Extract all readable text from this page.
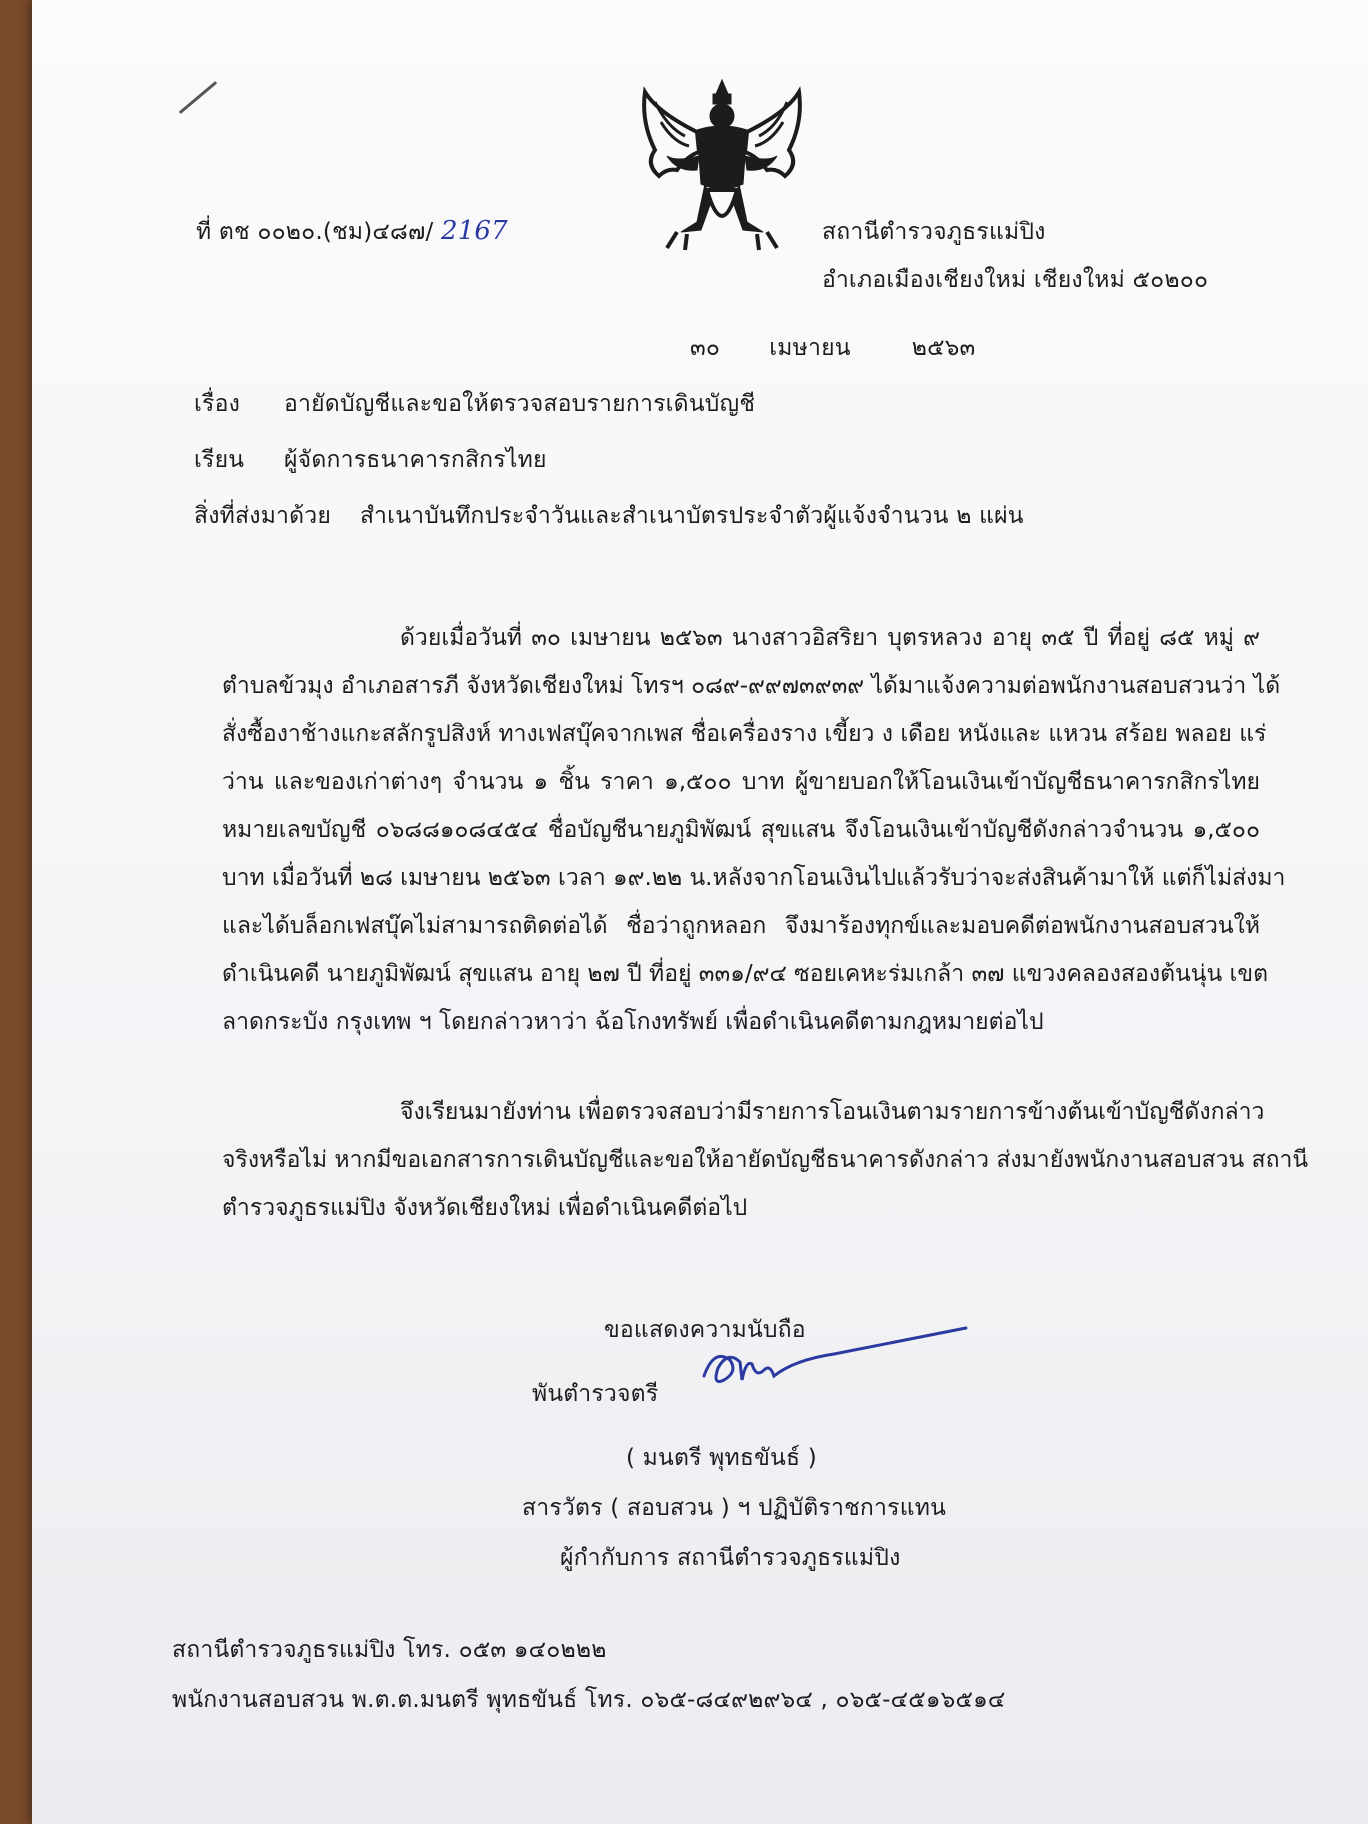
ที่ ตช ๐๐๒๐.(ชม)๔๘๗/ 2167	สถานีตำรวจภูธรแม่ปิง
อำเภอเมืองเชียงใหม่ เชียงใหม่ ๕๐๒๐๐
๓๐ เมษายน	๒๕๖๓
เรื่อง อายัดบัญชีและขอให้ตรวจสอบรายการเดินบัญชี
เรียน ผู้จัดการธนาคารกสิกรไทย
สิ่งที่ส่งมาด้วย สำเนาบันทึกประจำวันและสำเนาบัตรประจำตัวผู้แจ้งจำนวน ๒ แผ่น
ด้วยเมื่อวันที่ ๓๐ เมษายน ๒๕๖๓ นางสาวอิสริยา บุตรหลวง อายุ ๓๕ ปี ที่อยู่ ๘๕ หมู่ ๙
ตำบลข้วมุง อำเภอสารภี จังหวัดเชียงใหม่ โทรฯ ๐๘๙-๙๙๗๓๙๓๙ ได้มาแจ้งความต่อพนักงานสอบสวนว่า ได้
สั่งซื้องาช้างแกะสลักรูปสิงห์ ทางเฟสบุ๊คจากเพส ชื่อเครื่องราง เขี้ยว ง เดือย หนังและ แหวน สร้อย พลอย แร่
ว่าน และของเก่าต่างๆ จำนวน ๑ ชิ้น ราคา ๑,๕๐๐ บาท ผู้ขายบอกให้โอนเงินเข้าบัญชีธนาคารกสิกรไทย
หมายเลขบัญชี ๐๖๘๘๑๐๘๔๕๔ ชื่อบัญชีนายภูมิพัฒน์ สุขแสน จึงโอนเงินเข้าบัญชีดังกล่าวจำนวน ๑,๕๐๐
บาท เมื่อวันที่ ๒๘ เมษายน ๒๕๖๓ เวลา ๑๙.๒๒ น.หลังจากโอนเงินไปแล้วรับว่าจะส่งสินค้ามาให้ แต่ก็ไม่ส่งมา
และได้บล็อกเฟสบุ๊คไม่สามารถติดต่อได้ ชื่อว่าถูกหลอก จึงมาร้องทุกข์และมอบคดีต่อพนักงานสอบสวนให้
ดำเนินคดี นายภูมิพัฒน์ สุขแสน อายุ ๒๗ ปี ที่อยู่ ๓๓๑/๙๔ ซอยเคหะร่มเกล้า ๓๗ แขวงคลองสองต้นนุ่น เขต
ลาดกระบัง กรุงเทพ ฯ โดยกล่าวหาว่า ฉ้อโกงทรัพย์ เพื่อดำเนินคดีตามกฎหมายต่อไป
จึงเรียนมายังท่าน เพื่อตรวจสอบว่ามีรายการโอนเงินตามรายการข้างต้นเข้าบัญชีดังกล่าว
จริงหรือไม่ หากมีขอเอกสารการเดินบัญชีและขอให้อายัดบัญชีธนาคารดังกล่าว ส่งมายังพนักงานสอบสวน สถานี
ตำรวจภูธรแม่ปิง จังหวัดเชียงใหม่ เพื่อดำเนินคดีต่อไป
ขอแสดงความนับถือ
พันตำรวจตรี
( มนตรี พุทธขันธ์ )
สารวัตร ( สอบสวน ) ฯ ปฏิบัติราชการแทน
ผู้กำกับการ สถานีตำรวจภูธรแม่ปิง
สถานีตำรวจภูธรแม่ปิง โทร. ๐๕๓ ๑๔๐๒๒๒
พนักงานสอบสวน พ.ต.ต.มนตรี พุทธขันธ์ โทร. ๐๖๕-๘๔๙๒๙๖๔ , ๐๖๕-๔๕๑๖๕๑๔
